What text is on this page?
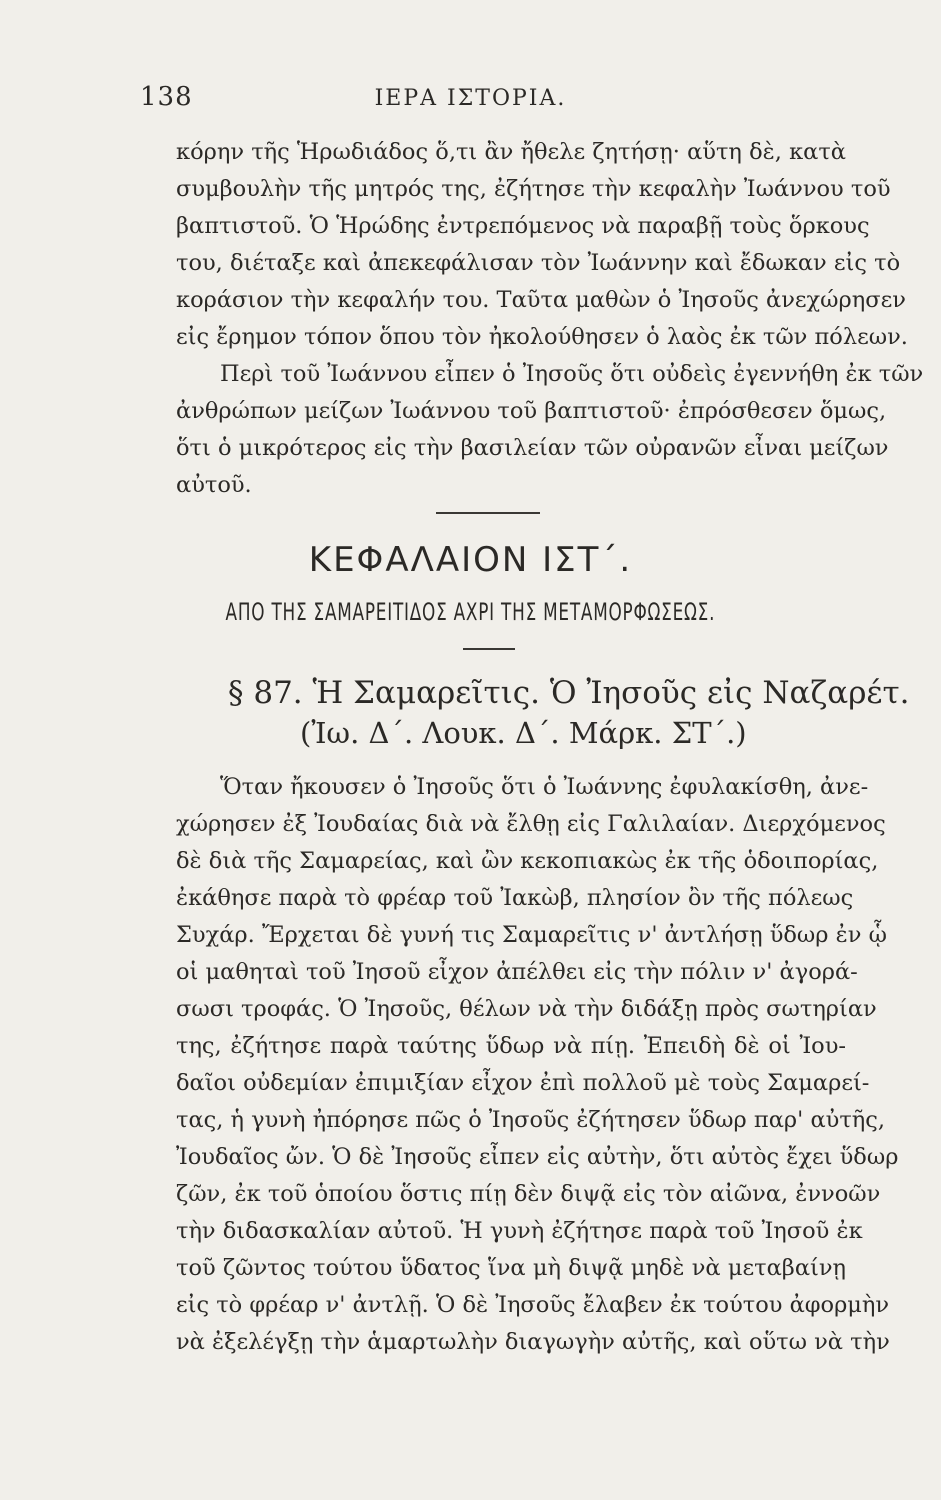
138	ΙΕΡΑ ΙΣΤΟΡΙΑ.
κόρην τῆς Ἡρωδιάδος ὅ,τι ἂν ἤθελε ζητήσῃ· αὕτη δὲ, κατὰ
συμβουλὴν τῆς μητρός της, ἐζήτησε τὴν κεφαλὴν Ἰωάννου τοῦ
βαπτιστοῦ. Ὁ Ἡρώδης ἐντρεπόμενος νὰ παραβῇ τοὺς ὅρκους
του, διέταξε καὶ ἀπεκεφάλισαν τὸν Ἰωάννην καὶ ἔδωκαν εἰς τὸ
κοράσιον τὴν κεφαλήν του. Ταῦτα μαθὼν ὁ Ἰησοῦς ἀνεχώρησεν
εἰς ἔρημον τόπον ὅπου τὸν ἠκολούθησεν ὁ λαὸς ἐκ τῶν πόλεων.
Περὶ τοῦ Ἰωάννου εἶπεν ὁ Ἰησοῦς ὅτι οὐδεὶς ἐγεννήθη ἐκ τῶν
ἀνθρώπων μείζων Ἰωάννου τοῦ βαπτιστοῦ· ἐπρόσθεσεν ὅμως,
ὅτι ὁ μικρότερος εἰς τὴν βασιλείαν τῶν οὐρανῶν εἶναι μείζων
αὐτοῦ.
ΚΕΦΑΛΑΙΟΝ ΙΣΤ΄.
ΑΠΟ ΤΗΣ ΣΑΜΑΡΕΙΤΙΔΟΣ ΑΧΡΙ ΤΗΣ ΜΕΤΑΜΟΡΦΩΣΕΩΣ.
§ 87. Ἡ Σαμαρεῖτις. Ὁ Ἰησοῦς εἰς Ναζαρέτ.
(Ἰω. Δ΄. Λουκ. Δ΄. Μάρκ. ΣΤ΄.)
Ὅταν ἤκουσεν ὁ Ἰησοῦς ὅτι ὁ Ἰωάννης ἐφυλακίσθη, ἀνε-
χώρησεν ἐξ Ἰουδαίας διὰ νὰ ἔλθῃ εἰς Γαλιλαίαν. Διερχόμενος
δὲ διὰ τῆς Σαμαρείας, καὶ ὢν κεκοπιακὼς ἐκ τῆς ὁδοιπορίας,
ἐκάθησε παρὰ τὸ φρέαρ τοῦ Ἰακὼβ, πλησίον ὂν τῆς πόλεως
Συχάρ. Ἔρχεται δὲ γυνή τις Σαμαρεῖτις ν' ἀντλήσῃ ὕδωρ ἐν ᾧ
οἱ μαθηταὶ τοῦ Ἰησοῦ εἶχον ἀπέλθει εἰς τὴν πόλιν ν' ἀγορά-
σωσι τροφάς. Ὁ Ἰησοῦς, θέλων νὰ τὴν διδάξῃ πρὸς σωτηρίαν
της, ἐζήτησε παρὰ ταύτης ὕδωρ νὰ πίῃ. Ἐπειδὴ δὲ οἱ Ἰου-
δαῖοι οὐδεμίαν ἐπιμιξίαν εἶχον ἐπὶ πολλοῦ μὲ τοὺς Σαμαρεί-
τας, ἡ γυνὴ ἠπόρησε πῶς ὁ Ἰησοῦς ἐζήτησεν ὕδωρ παρ' αὐτῆς,
Ἰουδαῖος ὤν. Ὁ δὲ Ἰησοῦς εἶπεν εἰς αὐτὴν, ὅτι αὐτὸς ἔχει ὕδωρ
ζῶν, ἐκ τοῦ ὁποίου ὅστις πίῃ δὲν διψᾷ εἰς τὸν αἰῶνα, ἐννοῶν
τὴν διδασκαλίαν αὐτοῦ. Ἡ γυνὴ ἐζήτησε παρὰ τοῦ Ἰησοῦ ἐκ
τοῦ ζῶντος τούτου ὕδατος ἵνα μὴ διψᾷ μηδὲ νὰ μεταβαίνῃ
εἰς τὸ φρέαρ ν' ἀντλῇ. Ὁ δὲ Ἰησοῦς ἔλαβεν ἐκ τούτου ἀφορμὴν
νὰ ἐξελέγξῃ τὴν ἁμαρτωλὴν διαγωγὴν αὐτῆς, καὶ οὕτω νὰ τὴν
